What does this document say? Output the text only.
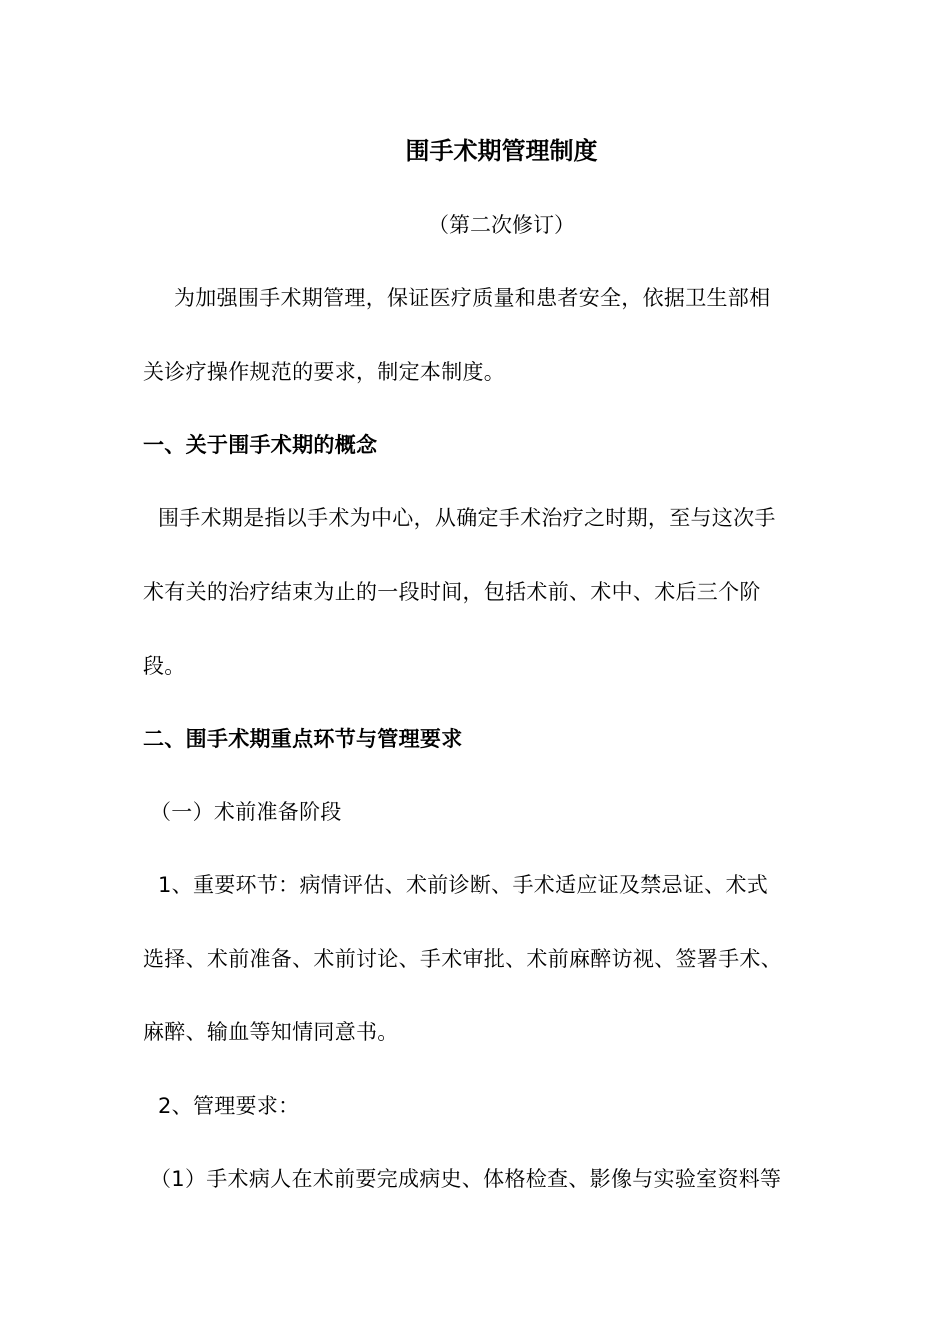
围手术期管理制度
（第二次修订）
为加强围手术期管理，保证医疗质量和患者安全，依据卫生部相
关诊疗操作规范的要求，制定本制度。
一、关于围手术期的概念
围手术期是指以手术为中心，从确定手术治疗之时期，至与这次手
术有关的治疗结束为止的一段时间，包括术前、术中、术后三个阶
段。
二、围手术期重点环节与管理要求
（一）术前准备阶段
1、重要环节：病情评估、术前诊断、手术适应证及禁忌证、术式
选择、术前准备、术前讨论、手术审批、术前麻醉访视、签署手术、
麻醉、输血等知情同意书。
2、管理要求：
（1）手术病人在术前要完成病史、体格检查、影像与实验室资料等
